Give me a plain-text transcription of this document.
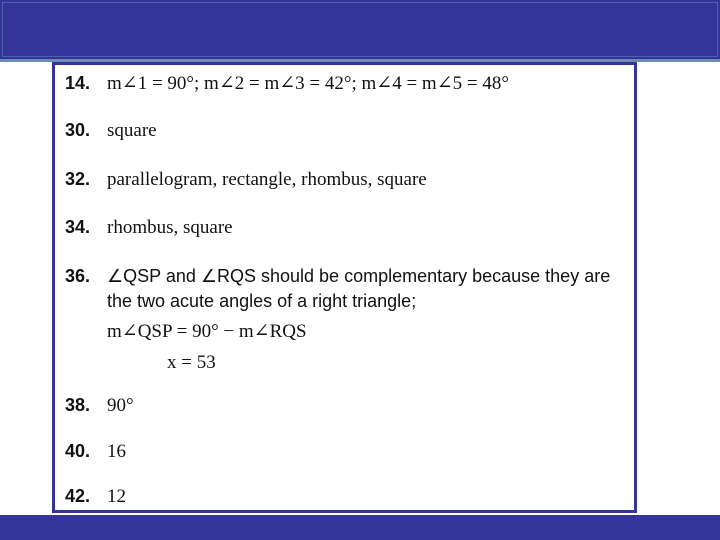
14. m∠1 = 90°; m∠2 = m∠3 = 42°; m∠4 = m∠5 = 48°
30. square
32. parallelogram, rectangle, rhombus, square
34. rhombus, square
36. ∠QSP and ∠RQS should be complementary because they are
the two acute angles of a right triangle;
m∠QSP = 90° − m∠RQS
x = 53
38. 90°
40. 16
42. 12
